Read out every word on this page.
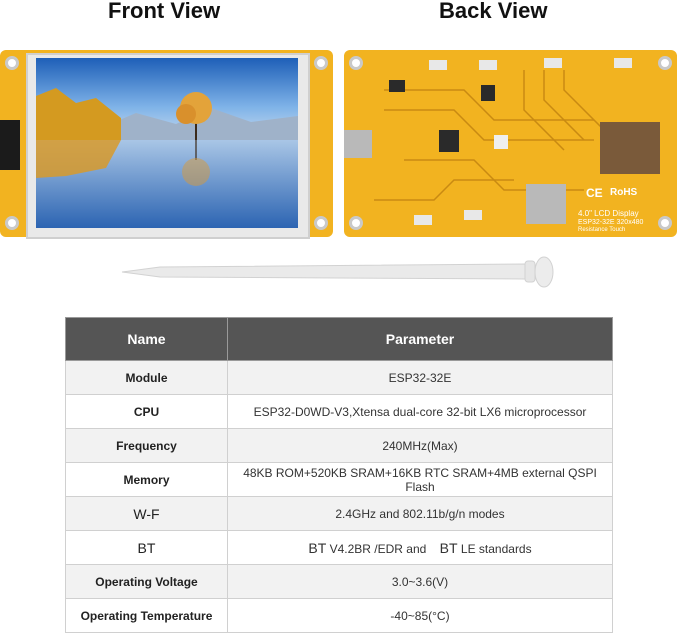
Front View	Back View
CE RoHS
4.0" LCD Display
ESP32-32E 320x480
Resistance Touch
Name	Parameter
Module	ESP32-32E
CPU	ESP32-D0WD-V3,Xtensa dual-core 32-bit LX6 microprocessor
Frequency	240MHz(Max)
Memory	48KB ROM+520KB SRAM+16KB RTC SRAM+4MB external QSPI Flash
W-F	2.4GHz and 802.11b/g/n modes
BT	BT V4.2BR /EDR and    BT LE standards
Operating Voltage	3.0~3.6(V)
Operating Temperature	-40~85(°C)
